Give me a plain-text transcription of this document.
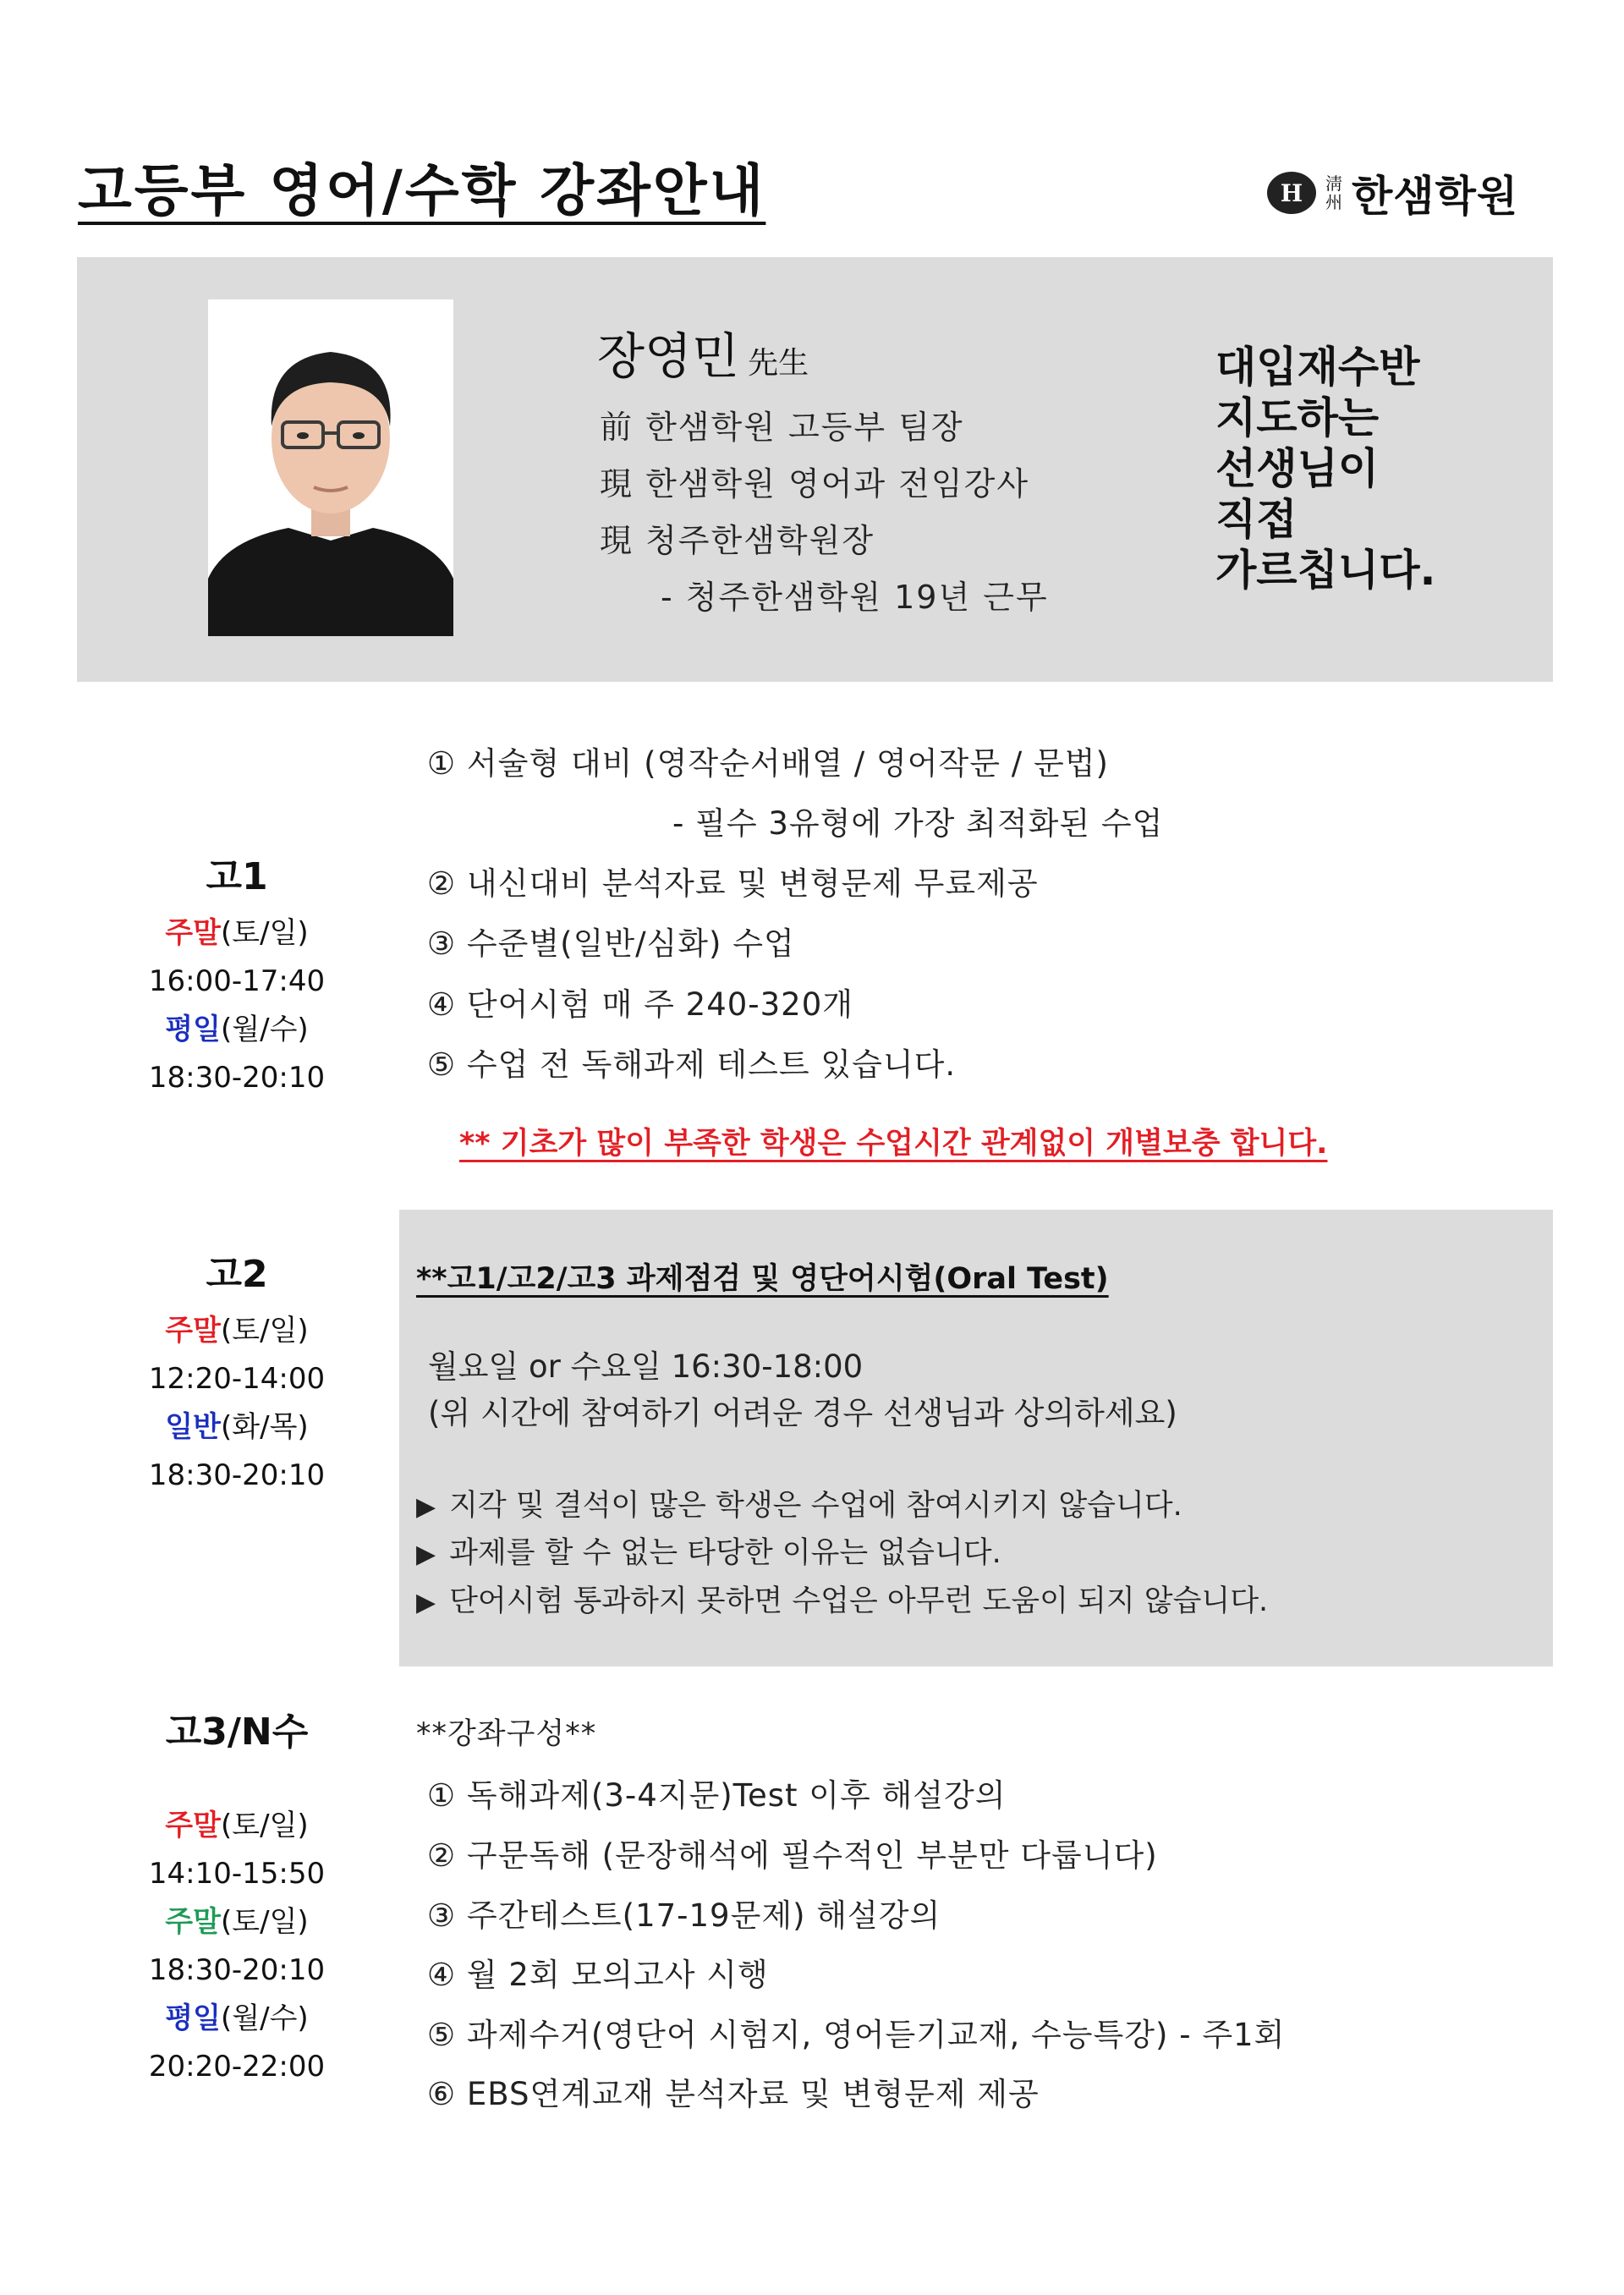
고등부 영어/수학 강좌안내	H	淸
州 한샘학원
장영민 先生
前 한샘학원 고등부 팀장
現 한샘학원 영어과 전임강사
現 청주한샘학원장
- 청주한샘학원 19년 근무
대입재수반
지도하는
선생님이
직접
가르칩니다.
고1
주말(토/일)
16:00-17:40
평일(월/수)
18:30-20:10
① 서술형 대비 (영작순서배열 / 영어작문 / 문법)
- 필수 3유형에 가장 최적화된 수업
② 내신대비 분석자료 및 변형문제 무료제공
③ 수준별(일반/심화) 수업
④ 단어시험 매 주 240-320개
⑤ 수업 전 독해과제 테스트 있습니다.
** 기초가 많이 부족한 학생은 수업시간 관계없이 개별보충 합니다.
고2
주말(토/일)
12:20-14:00
일반(화/목)
18:30-20:10
**고1/고2/고3 과제점검 및 영단어시험(Oral Test)
월요일 or 수요일 16:30-18:00
(위 시간에 참여하기 어려운 경우 선생님과 상의하세요)
▶ 지각 및 결석이 많은 학생은 수업에 참여시키지 않습니다.
▶ 과제를 할 수 없는 타당한 이유는 없습니다.
▶ 단어시험 통과하지 못하면 수업은 아무런 도움이 되지 않습니다.
고3/N수
주말(토/일)
14:10-15:50
주말(토/일)
18:30-20:10
평일(월/수)
20:20-22:00
**강좌구성**
① 독해과제(3-4지문)Test 이후 해설강의
② 구문독해 (문장해석에 필수적인 부분만 다룹니다)
③ 주간테스트(17-19문제) 해설강의
④ 월 2회 모의고사 시행
⑤ 과제수거(영단어 시험지, 영어듣기교재, 수능특강) - 주1회
⑥ EBS연계교재 분석자료 및 변형문제 제공
